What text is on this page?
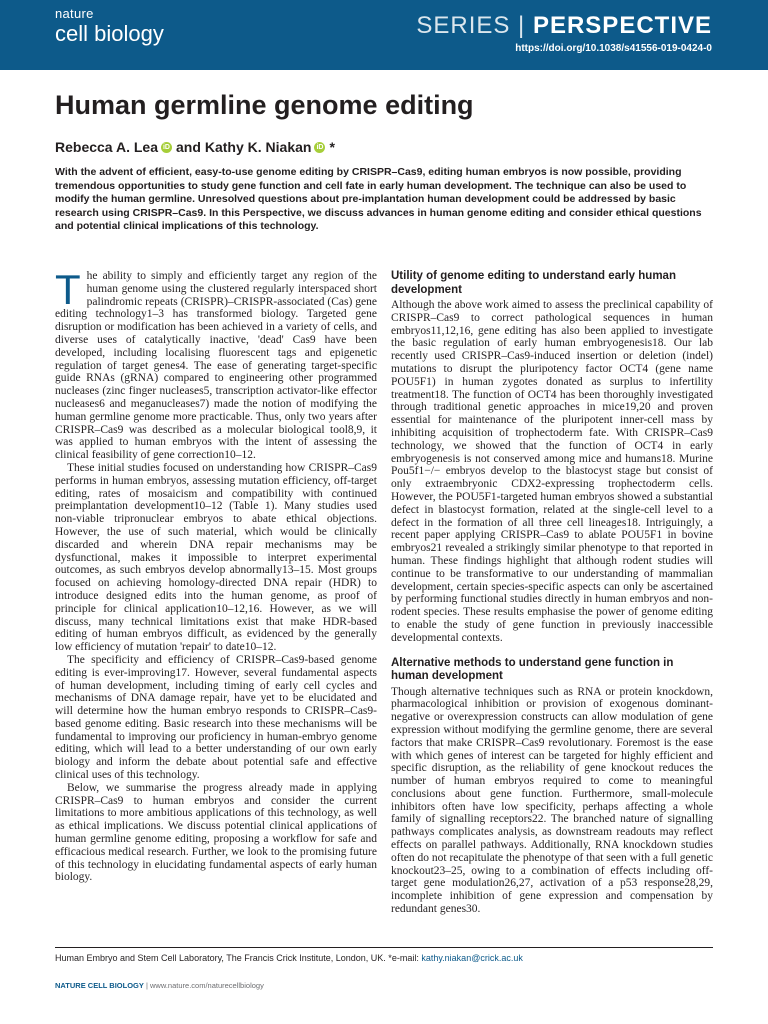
nature
cell biology	SERIES | PERSPECTIVE
https://doi.org/10.1038/s41556-019-0424-0
Human germline genome editing
Rebecca A. Lea iD and Kathy K. Niakan iD *
With the advent of efficient, easy-to-use genome editing by CRISPR–Cas9, editing human embryos is now possible, providing tremendous opportunities to study gene function and cell fate in early human development. The technique can also be used to modify the human germline. Unresolved questions about pre-implantation human development could be addressed by basic research using CRISPR–Cas9. In this Perspective, we discuss advances in human genome editing and consider ethical questions and potential clinical implications of this technology.

The ability to simply and efficiently target any region of the human genome using the clustered regularly interspaced short palindromic repeats (CRISPR)–CRISPR-associated (Cas) gene editing technology1–3 has transformed biology. Targeted gene disruption or modification has been achieved in a variety of cells, and diverse uses of catalytically inactive, 'dead' Cas9 have been developed, including localising fluorescent tags and epigenetic regulation of target genes4. The ease of generating target-specific guide RNAs (gRNA) compared to engineering other programmed nucleases (zinc finger nucleases5, transcription activator-like effector nucleases6 and meganucleases7) made the notion of modifying the human germline genome more practicable. Thus, only two years after CRISPR–Cas9 was described as a molecular biological tool8,9, it was applied to human embryos with the intent of assessing the clinical feasibility of gene correction10–12.

These initial studies focused on understanding how CRISPR–Cas9 performs in human embryos, assessing mutation efficiency, off-target editing, rates of mosaicism and compatibility with continued preimplantation development10–12 (Table 1). Many studies used non-viable tripronuclear embryos to abate ethical objections. However, the use of such material, which would be clinically discarded and wherein DNA repair mechanisms may be dysfunctional, makes it impossible to interpret experimental outcomes, as such embryos develop abnormally13–15. Most groups focused on achieving homology-directed DNA repair (HDR) to introduce designed edits into the human genome, as proof of principle for clinical application10–12,16. However, as we will discuss, many technical limitations exist that make HDR-based editing of human embryos difficult, as evidenced by the generally low efficiency of mutation 'repair' to date10–12.

The specificity and efficiency of CRISPR–Cas9-based genome editing is ever-improving17. However, several fundamental aspects of human development, including timing of early cell cycles and mechanisms of DNA damage repair, have yet to be elucidated and will determine how the human embryo responds to CRISPR–Cas9-based genome editing. Basic research into these mechanisms will be fundamental to improving our proficiency in human-embryo genome editing, which will lead to a better understanding of our own early biology and inform the debate about potential safe and effective clinical uses of this technology.

Below, we summarise the progress already made in applying CRISPR–Cas9 to human embryos and consider the current limitations to more ambitious applications of this technology, as well as ethical implications. We discuss potential clinical applications of human germline genome editing, proposing a workflow for safe and efficacious medical research. Further, we look to the promising future of this technology in elucidating fundamental aspects of early human biology.

Utility of genome editing to understand early human development

Although the above work aimed to assess the preclinical capability of CRISPR–Cas9 to correct pathological sequences in human embryos11,12,16, gene editing has also been applied to investigate the basic regulation of early human embryogenesis18. Our lab recently used CRISPR–Cas9-induced insertion or deletion (indel) mutations to disrupt the pluripotency factor OCT4 (gene name POU5F1) in human zygotes donated as surplus to infertility treatment18. The function of OCT4 has been thoroughly investigated through traditional genetic approaches in mice19,20 and proven essential for maintenance of the pluripotent inner-cell mass by inhibiting acquisition of trophectoderm fate. With CRISPR–Cas9 technology, we showed that the function of OCT4 in early embryogenesis is not conserved among mice and humans18. Murine Pou5f1−/− embryos develop to the blastocyst stage but consist of only extraembryonic CDX2-expressing trophectoderm cells. However, the POU5F1-targeted human embryos showed a substantial defect in blastocyst formation, related at the single-cell level to a defect in the formation of all three cell lineages18. Intriguingly, a recent paper applying CRISPR–Cas9 to ablate POU5F1 in bovine embryos21 revealed a strikingly similar phenotype to that reported in human. These findings highlight that although rodent studies will continue to be transformative to our understanding of mammalian development, certain species-specific aspects can only be ascertained by performing functional studies directly in human embryos and non-rodent species. These results emphasise the power of genome editing to enable the study of gene function in previously inaccessible developmental contexts.

Alternative methods to understand gene function in human development

Though alternative techniques such as RNA or protein knockdown, pharmacological inhibition or provision of exogenous dominant-negative or overexpression constructs can allow modulation of gene expression without modifying the germline genome, there are several factors that make CRISPR–Cas9 revolutionary. Foremost is the ease with which genes of interest can be targeted for highly efficient and specific disruption, as the reliability of gene knockout reduces the number of human embryos required to come to meaningful conclusions about gene function. Furthermore, small-molecule inhibitors often have low specificity, perhaps affecting a whole family of signalling receptors22. The branched nature of signalling pathways complicates analysis, as downstream readouts may reflect effects on parallel pathways. Additionally, RNA knockdown studies often do not recapitulate the phenotype of that seen with a full genetic knockout23–25, owing to a combination of effects including off-target gene modulation26,27, activation of a p53 response28,29, incomplete inhibition of gene expression and compensation by redundant genes30.

Human Embryo and Stem Cell Laboratory, The Francis Crick Institute, London, UK. *e-mail: kathy.niakan@crick.ac.uk
NATURE CELL BIOLOGY | www.nature.com/naturecellbiology
